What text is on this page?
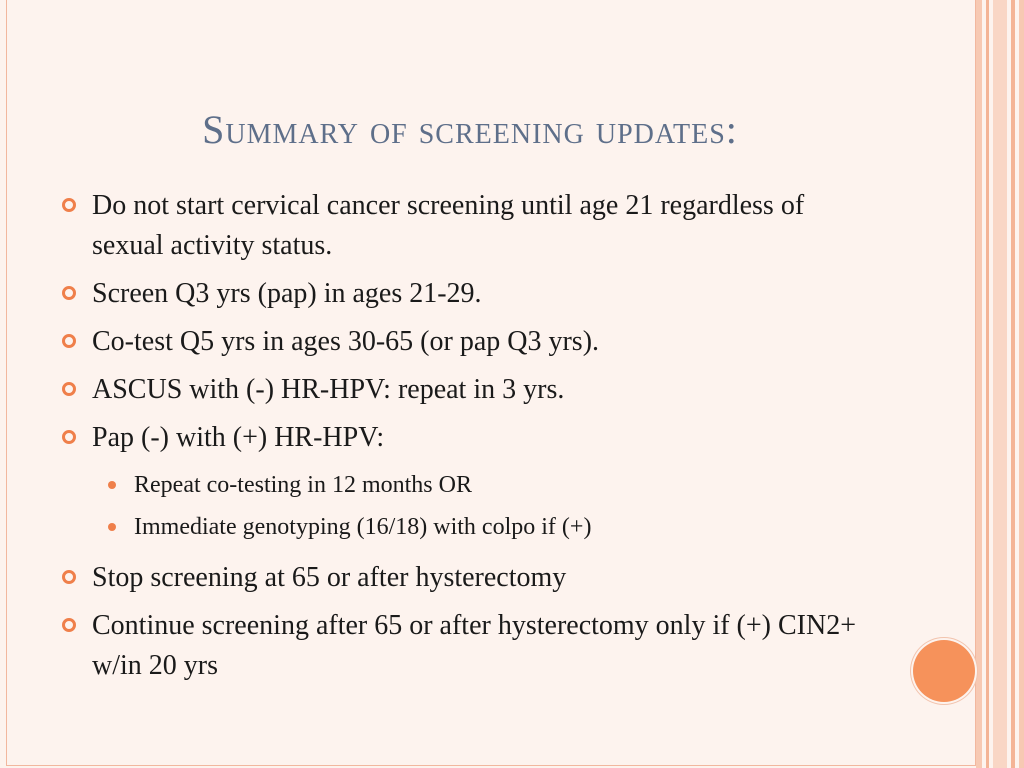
Summary of screening updates:
Do not start cervical cancer screening until age 21 regardless of sexual activity status.
Screen Q3 yrs (pap) in ages 21-29.
Co-test Q5 yrs in ages 30-65 (or pap Q3 yrs).
ASCUS with (-) HR-HPV: repeat in 3 yrs.
Pap (-) with (+) HR-HPV:
Repeat co-testing in 12 months OR
Immediate genotyping (16/18) with colpo if (+)
Stop screening at 65 or after hysterectomy
Continue screening after 65 or after hysterectomy only if (+) CIN2+ w/in 20 yrs
